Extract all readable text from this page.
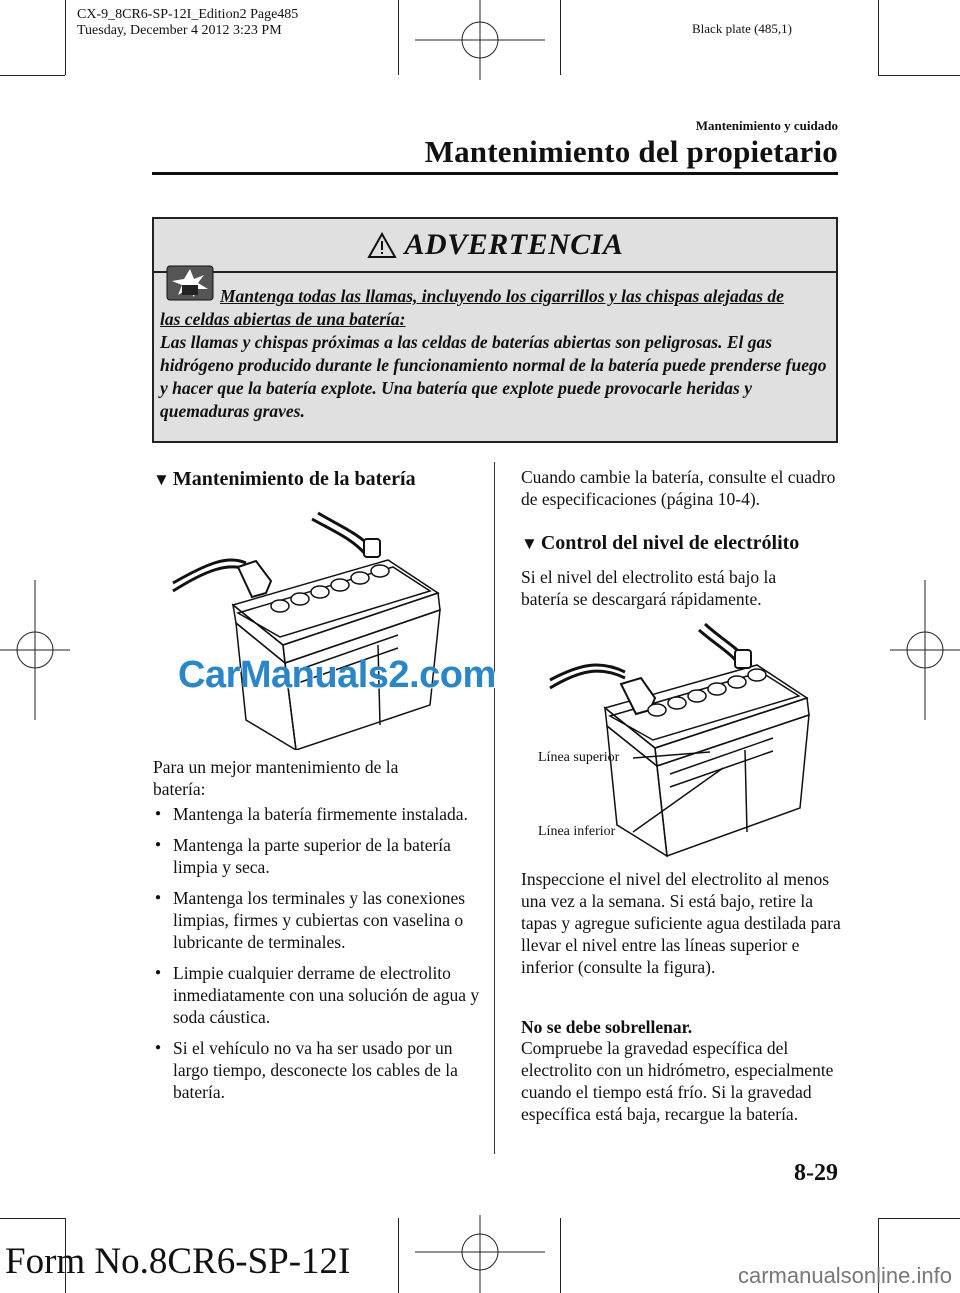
CX-9_8CR6-SP-12I_Edition2 Page485
Tuesday, December 4 2012 3:23 PM	Black plate (485,1)
Mantenimiento y cuidado
Mantenimiento del propietario
ADVERTENCIA
Mantenga todas las llamas, incluyendo los cigarrillos y las chispas alejadas de
las celdas abiertas de una batería:
Las llamas y chispas próximas a las celdas de baterías abiertas son peligrosas. El gas hidrógeno producido durante le funcionamiento normal de la batería puede prenderse fuego y hacer que la batería explote. Una batería que explote puede provocarle heridas y quemaduras graves.
▼ Mantenimiento de la batería
CarManuals2.com
Para un mejor mantenimiento de la batería:
● Mantenga la batería firmemente instalada.
● Mantenga la parte superior de la batería limpia y seca.
● Mantenga los terminales y las conexiones limpias, firmes y cubiertas con vaselina o lubricante de terminales.
● Limpie cualquier derrame de electrolito inmediatamente con una solución de agua y soda cáustica.
● Si el vehículo no va ha ser usado por un largo tiempo, desconecte los cables de la batería.
Cuando cambie la batería, consulte el cuadro de especificaciones (página 10-4).
▼ Control del nivel de electrólito
Si el nivel del electrolito está bajo la batería se descargará rápidamente.
Línea superior
Línea inferior
Inspeccione el nivel del electrolito al menos una vez a la semana. Si está bajo, retire la tapas y agregue suficiente agua destilada para llevar el nivel entre las líneas superior e inferior (consulte la figura).
No se debe sobrellenar.
Compruebe la gravedad específica del electrolito con un hidrómetro, especialmente cuando el tiempo está frío. Si la gravedad específica está baja, recargue la batería.
8-29
Form No.8CR6-SP-12I	carmanualsonline.info
